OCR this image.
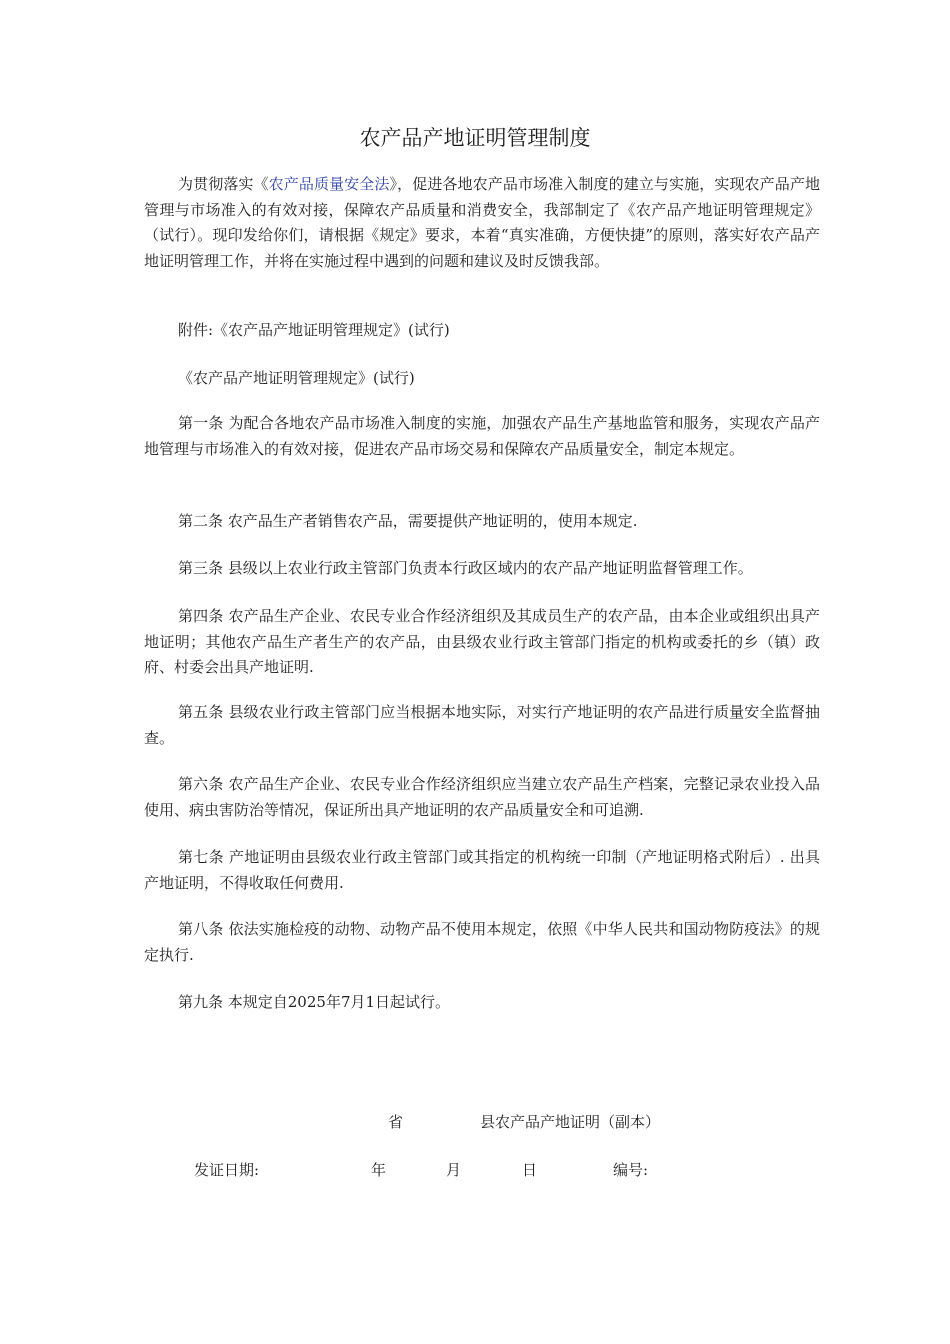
农产品产地证明管理制度

为贯彻落实《农产品质量安全法》，促进各地农产品市场准入制度的建立与实施，实现农产品产地管理与市场准入的有效对接，保障农产品质量和消费安全，我部制定了《农产品产地证明管理规定》（试行）。现印发给你们，请根据《规定》要求，本着“真实准确，方便快捷”的原则，落实好农产品产地证明管理工作，并将在实施过程中遇到的问题和建议及时反馈我部。

附件:《农产品产地证明管理规定》(试行)

《农产品产地证明管理规定》(试行)

第一条 为配合各地农产品市场准入制度的实施，加强农产品生产基地监管和服务，实现农产品产地管理与市场准入的有效对接，促进农产品市场交易和保障农产品质量安全，制定本规定。

第二条 农产品生产者销售农产品，需要提供产地证明的，使用本规定.

第三条 县级以上农业行政主管部门负责本行政区域内的农产品产地证明监督管理工作。

第四条 农产品生产企业、农民专业合作经济组织及其成员生产的农产品，由本企业或组织出具产地证明；其他农产品生产者生产的农产品，由县级农业行政主管部门指定的机构或委托的乡（镇）政府、村委会出具产地证明.

第五条 县级农业行政主管部门应当根据本地实际，对实行产地证明的农产品进行质量安全监督抽查。

第六条 农产品生产企业、农民专业合作经济组织应当建立农产品生产档案，完整记录农业投入品使用、病虫害防治等情况，保证所出具产地证明的农产品质量安全和可追溯.

第七条 产地证明由县级农业行政主管部门或其指定的机构统一印制（产地证明格式附后）. 出具产地证明，不得收取任何费用.

第八条 依法实施检疫的动物、动物产品不使用本规定，依照《中华人民共和国动物防疫法》的规定执行.

第九条 本规定自2025年7月1日起试行。

省	县农产品产地证明（副本）
发证日期:	年	月	日	编号:
